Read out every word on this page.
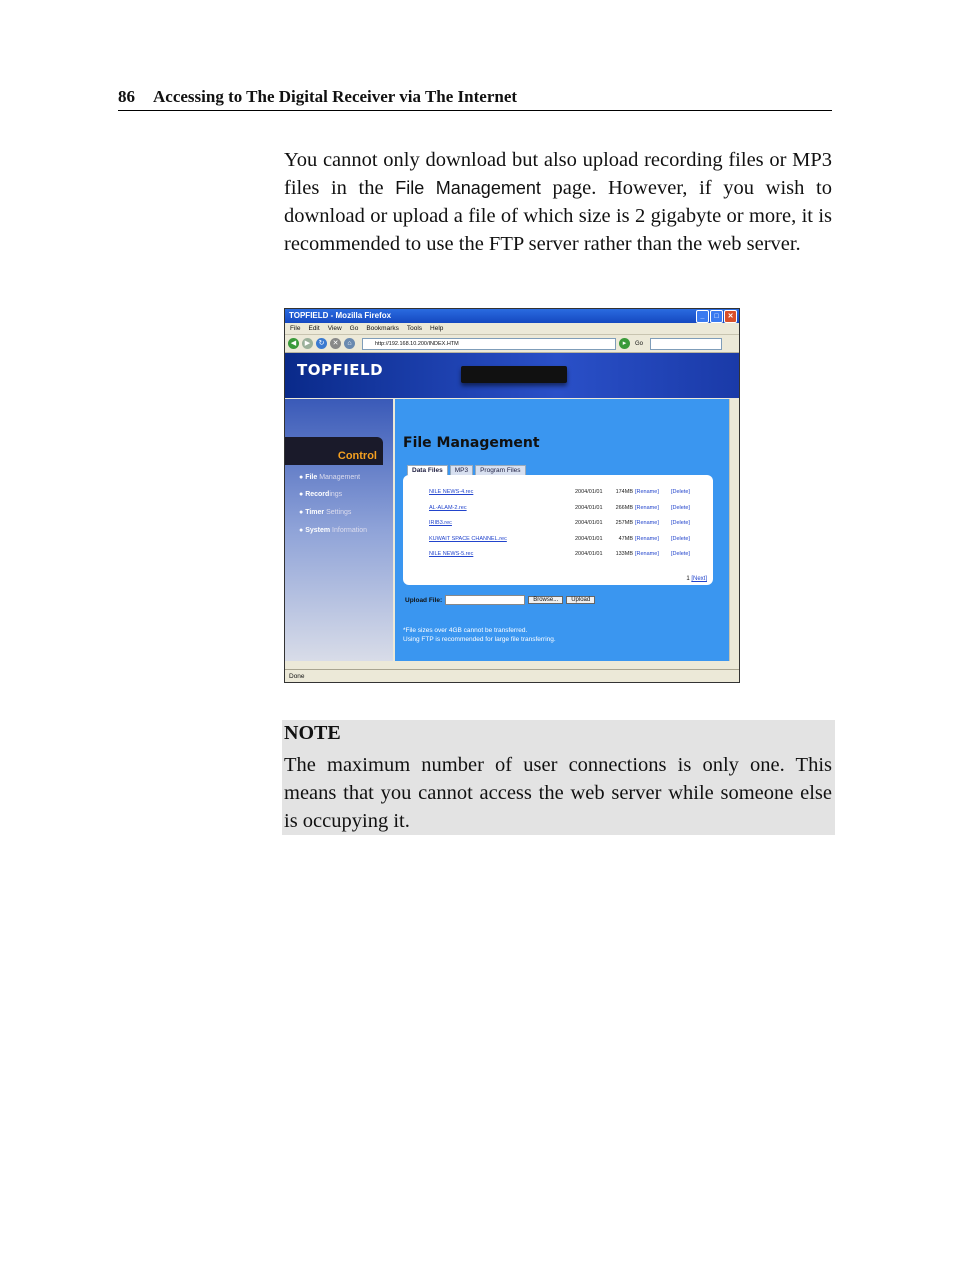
86 Accessing to The Digital Receiver via The Internet
You cannot only download but also upload recording files or MP3 files in the File Management page. However, if you wish to download or upload a file of which size is 2 gigabyte or more, it is recommended to use the FTP server rather than the web server.
TOPFIELD - Mozilla Firefox	_	□	✕
File Edit View Go Bookmarks Tools Help
◀	▶	↻	✕	⌂	http://192.168.10.200/INDEX.HTM	▸	Go
TOPFIELD
Control
● File Management
● Recordings
● Timer Settings
● System Information
File Management
Data Files	MP3	Program Files
NILE NEWS-4.rec	2004/01/01	174MB [Rename] [Delete]
AL-ALAM-2.rec	2004/01/01	266MB [Rename] [Delete]
IRIB3.rec	2004/01/01	257MB [Rename] [Delete]
KUWAIT SPACE CHANNEL.rec	2004/01/01	47MB [Rename] [Delete]
NILE NEWS-5.rec	2004/01/01	133MB [Rename] [Delete]
1 [Next]
Upload File:	Browse...	Upload
*File sizes over 4GB cannot be transferred.
Using FTP is recommended for large file transferring.
Done
NOTE
The maximum number of user connections is only one. This means that you cannot access the web server while someone else is occupying it.
